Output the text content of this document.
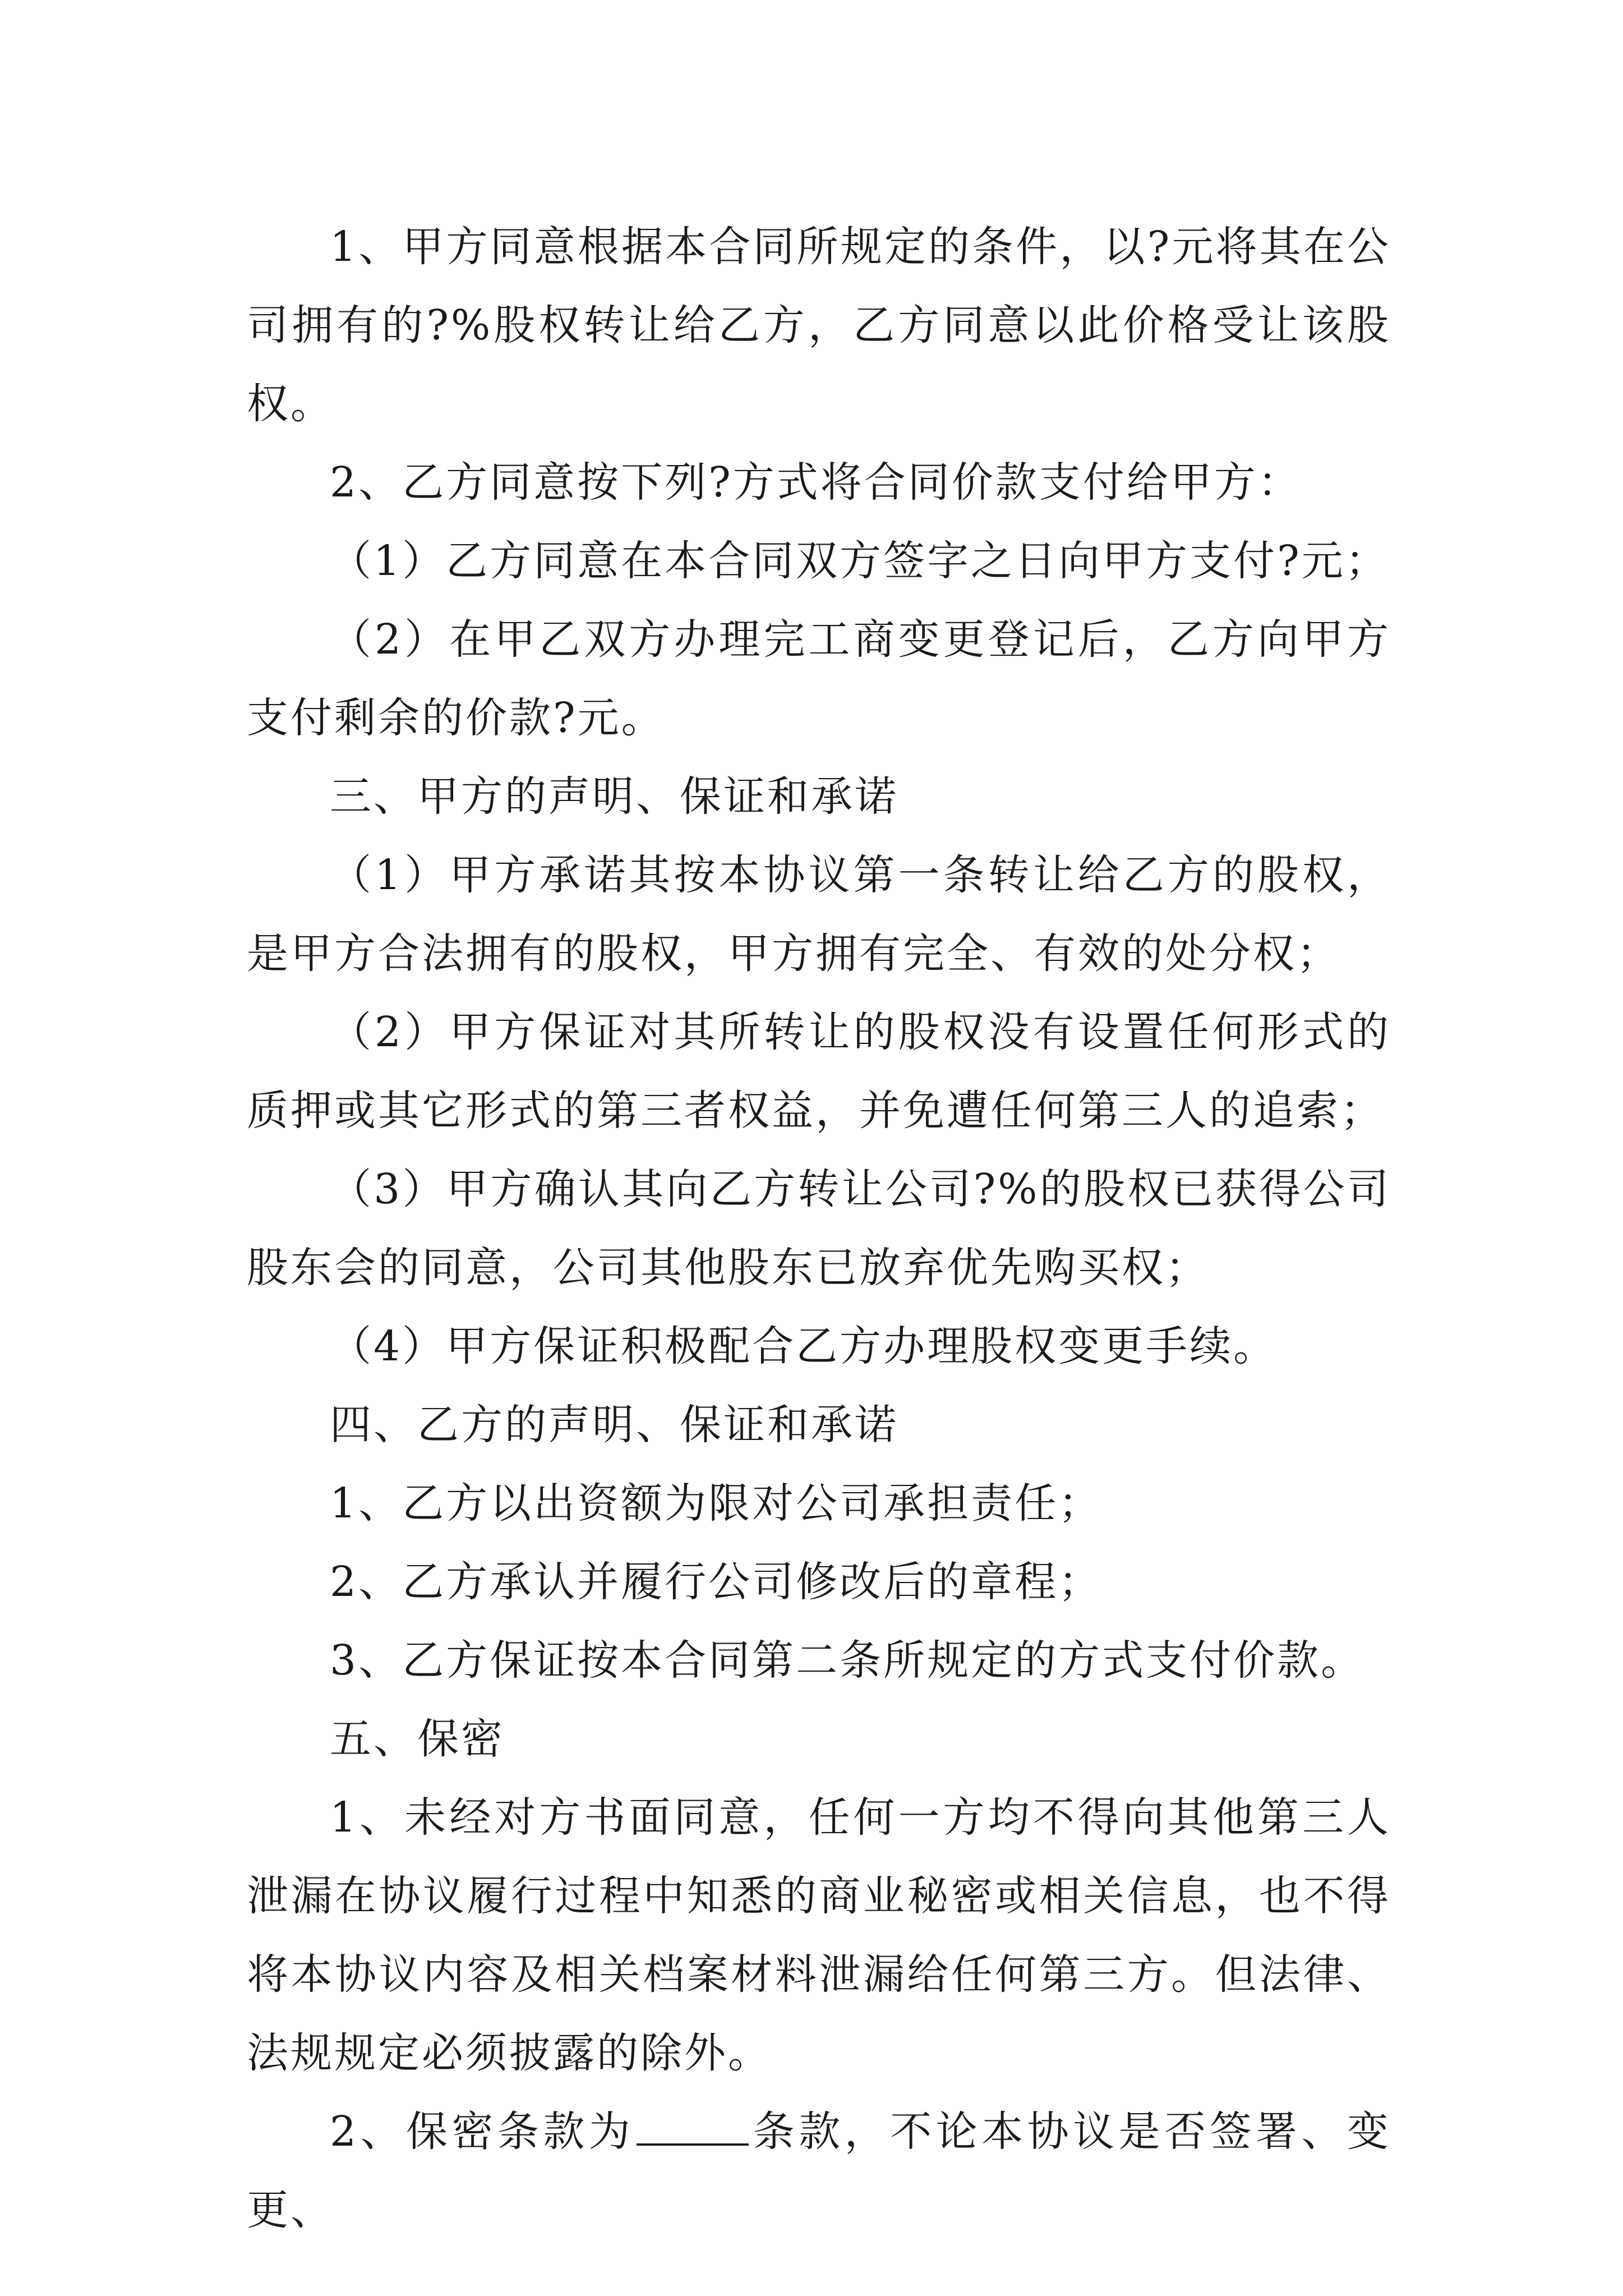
1、甲方同意根据本合同所规定的条件，以?元将其在公司拥有的?%股权转让给乙方，乙方同意以此价格受让该股权。

2、乙方同意按下列?方式将合同价款支付给甲方：

（1）乙方同意在本合同双方签字之日向甲方支付?元；

（2）在甲乙双方办理完工商变更登记后，乙方向甲方支付剩余的价款?元。

三、甲方的声明、保证和承诺

（1）甲方承诺其按本协议第一条转让给乙方的股权，是甲方合法拥有的股权，甲方拥有完全、有效的处分权；

（2）甲方保证对其所转让的股权没有设置任何形式的质押或其它形式的第三者权益，并免遭任何第三人的追索；

（3）甲方确认其向乙方转让公司?%的股权已获得公司股东会的同意，公司其他股东已放弃优先购买权；

（4）甲方保证积极配合乙方办理股权变更手续。

四、乙方的声明、保证和承诺

1、乙方以出资额为限对公司承担责任；

2、乙方承认并履行公司修改后的章程；

3、乙方保证按本合同第二条所规定的方式支付价款。

五、保密

1、未经对方书面同意，任何一方均不得向其他第三人泄漏在协议履行过程中知悉的商业秘密或相关信息，也不得将本协议内容及相关档案材料泄漏给任何第三方。但法律、法规规定必须披露的除外。

2、保密条款为	条款，不论本协议是否签署、变更、
